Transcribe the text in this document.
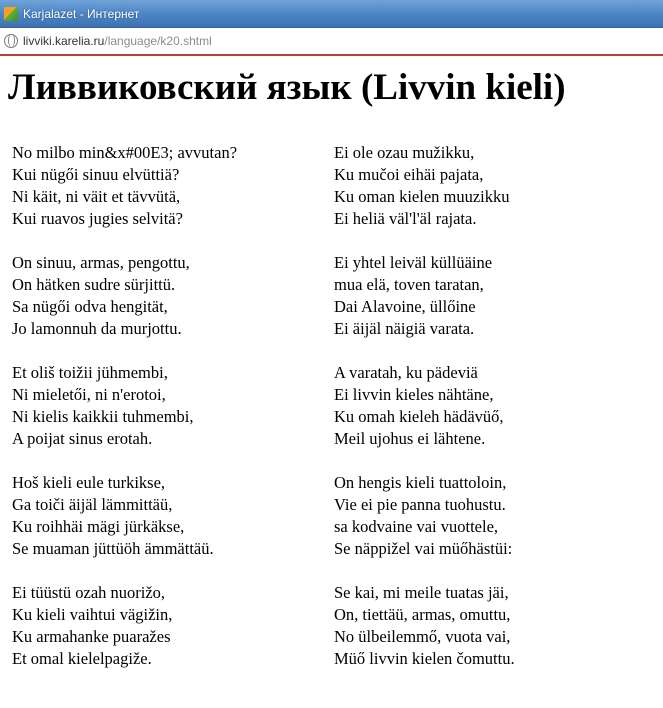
Karjalazet - Интернет
livviki.karelia.ru/language/k20.shtml
Ливвиковский язык (Livvin kieli)
No milbo min&x#00E3; avvutan?
Kui nügői sinuu elvüttiä?
Ni käit, ni väit et tävvütä,
Kui ruavos jugies selvitä?
On sinuu, armas, pengottu,
On hätken sudre sürjittü.
Sa nügői odva hengität,
Jo lamonnuh da murjottu.
Et oliš toižii jühmembi,
Ni mieletői, ni n'erotoi,
Ni kielis kaikkii tuhmembi,
A poijat sinus erotah.
Hoš kieli eule turkikse,
Ga toiči äijäl lämmittäü,
Ku roihhäi mägi jürkäkse,
Se muaman jüttüöh ämmättäü.
Ei tüüstü ozah nuorižo,
Ku kieli vaihtui vägižin,
Ku armahanke puaražes
Et omal kielelpagiže.
Ei ole ozau mužikku,
Ku mučoi eihäi pajata,
Ku oman kielen muuzikku
Ei heliä väl'l'äl rajata.
Ei yhtel leiväl küllüäine
mua elä, toven taratan,
Dai Alavoine, üllőine
Ei äijäl näigiä varata.
A varatah, ku pädeviä
Ei livvin kieles nähtäne,
Ku omah kieleh hädävüő,
Meil ujohus ei lähtene.
On hengis kieli tuattoloin,
Vie ei pie panna tuohustu.
sa kodvaine vai vuottele,
Se näppižel vai müőhästüi:
Se kai, mi meile tuatas jäi,
On, tiettäü, armas, omuttu,
No ülbeilemmő, vuota vai,
Müő livvin kielen čomuttu.
